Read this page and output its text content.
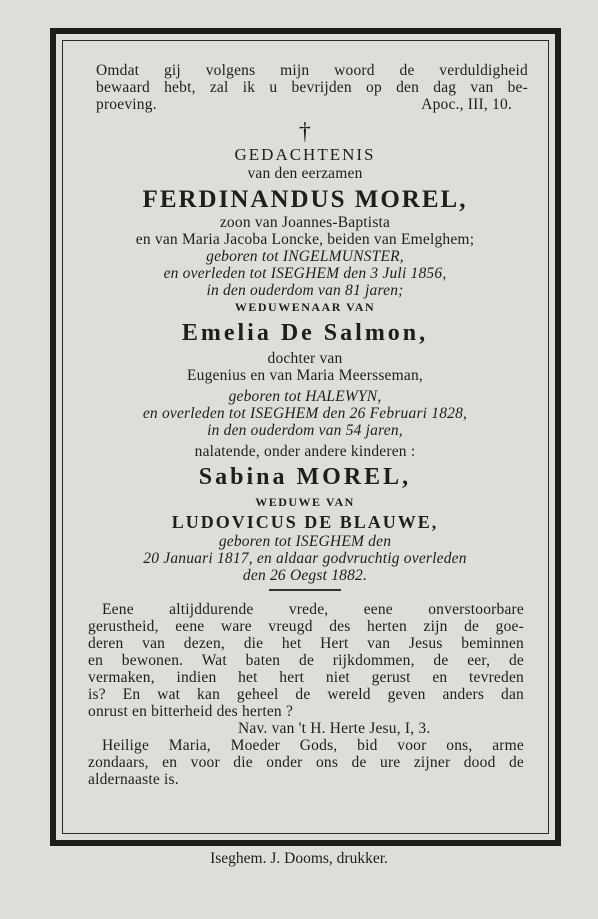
Omdat gij volgens mijn woord de verduldigheid
bewaard hebt, zal ik u bevrijden op den dag van be-
proeving.	Apoc., III, 10.
†
GEDACHTENIS
van den eerzamen
FERDINANDUS MOREL,
zoon van Joannes-Baptista
en van Maria Jacoba Loncke, beiden van Emelghem;
geboren tot INGELMUNSTER,
en overleden tot ISEGHEM den 3 Juli 1856,
in den ouderdom van 81 jaren;
WEDUWENAAR VAN
Emelia De Salmon,
dochter van
Eugenius en van Maria Meersseman,
geboren tot HALEWYN,
en overleden tot ISEGHEM den 26 Februari 1828,
in den ouderdom van 54 jaren,
nalatende, onder andere kinderen :
Sabina MOREL,
WEDUWE VAN
LUDOVICUS DE BLAUWE,
geboren tot ISEGHEM den
20 Januari 1817, en aldaar godvruchtig overleden
den 26 Oegst 1882.
Eene altijddurende vrede, eene onverstoorbare
gerustheid, eene ware vreugd des herten zijn de goe-
deren van dezen, die het Hert van Jesus beminnen
en bewonen. Wat baten de rijkdommen, de eer, de
vermaken, indien het hert niet gerust en tevreden
is? En wat kan geheel de wereld geven anders dan
onrust en bitterheid des herten ?
Nav. van 't H. Herte Jesu, I, 3.
Heilige Maria, Moeder Gods, bid voor ons, arme
zondaars, en voor die onder ons de ure zijner dood de
aldernaaste is.
Iseghem. J. Dooms, drukker.
